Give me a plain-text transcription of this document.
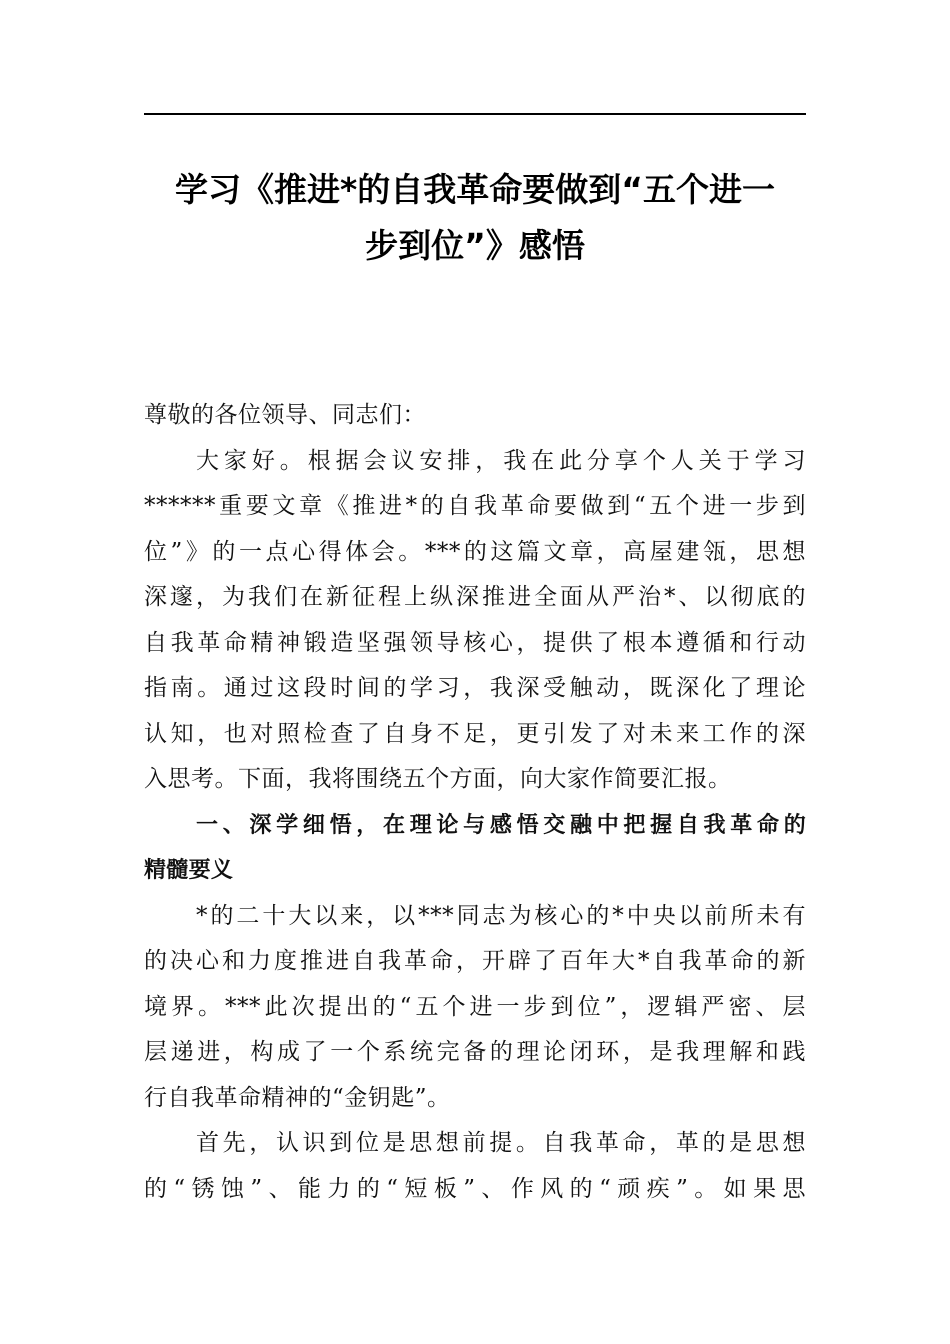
学习《推进*的自我革命要做到“五个进一
步到位”》感悟
尊敬的各位领导、同志们：
大家好。根据会议安排，我在此分享个人关于学习
******重要文章《推进*的自我革命要做到“五个进一步到
位”》的一点心得体会。***的这篇文章，高屋建瓴，思想
深邃，为我们在新征程上纵深推进全面从严治*、以彻底的
自我革命精神锻造坚强领导核心，提供了根本遵循和行动
指南。通过这段时间的学习，我深受触动，既深化了理论
认知，也对照检查了自身不足，更引发了对未来工作的深
入思考。下面，我将围绕五个方面，向大家作简要汇报。
一、深学细悟，在理论与感悟交融中把握自我革命的
精髓要义
*的二十大以来，以***同志为核心的*中央以前所未有
的决心和力度推进自我革命，开辟了百年大*自我革命的新
境界。***此次提出的“五个进一步到位”，逻辑严密、层
层递进，构成了一个系统完备的理论闭环，是我理解和践
行自我革命精神的“金钥匙”。
首先，认识到位是思想前提。自我革命，革的是思想
的“锈蚀”、能力的“短板”、作风的“顽疾”。如果思
